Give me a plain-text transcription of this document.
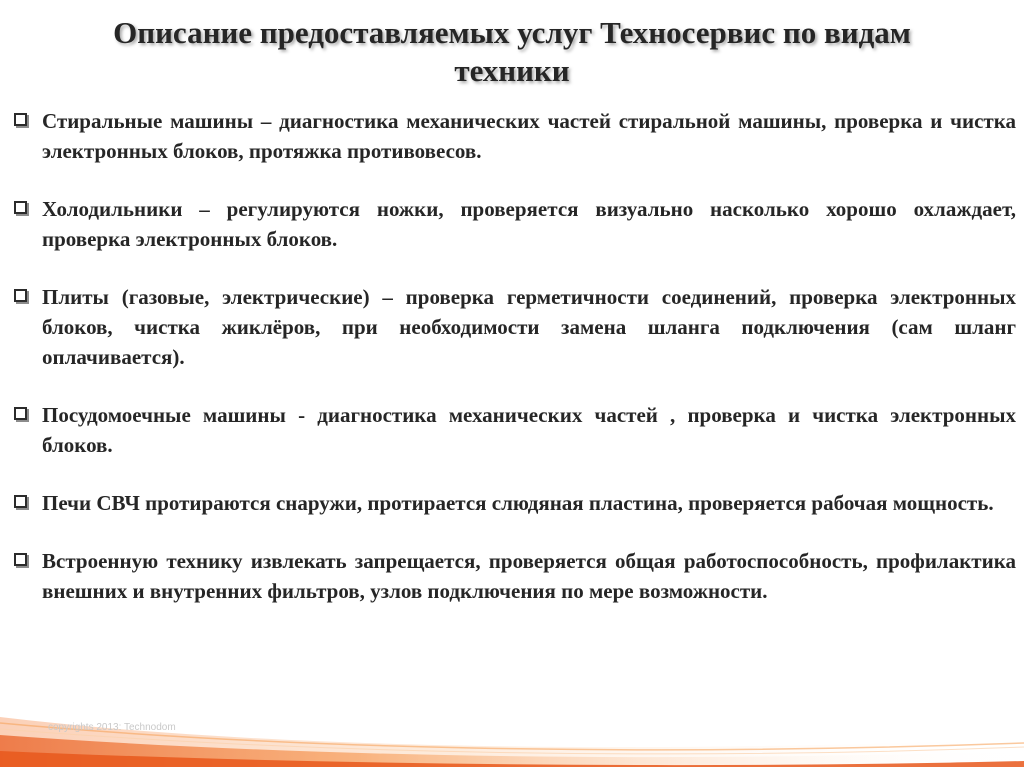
Описание предоставляемых услуг Техносервис по видам
техники
Стиральные машины – диагностика механических частей стиральной машины, проверка и чистка электронных блоков, протяжка противовесов.
Холодильники – регулируются ножки, проверяется визуально насколько хорошо охлаждает, проверка электронных блоков.
Плиты (газовые, электрические) – проверка герметичности соединений, проверка электронных блоков, чистка жиклёров, при необходимости замена шланга подключения (сам шланг оплачивается).
Посудомоечные машины - диагностика механических частей , проверка и чистка электронных блоков.
Печи СВЧ протираются снаружи, протирается слюдяная пластина, проверяется рабочая мощность.
Встроенную технику извлекать запрещается, проверяется общая работоспособность, профилактика внешних и внутренних фильтров, узлов подключения по мере возможности.
copyrights 2013: Technodom
